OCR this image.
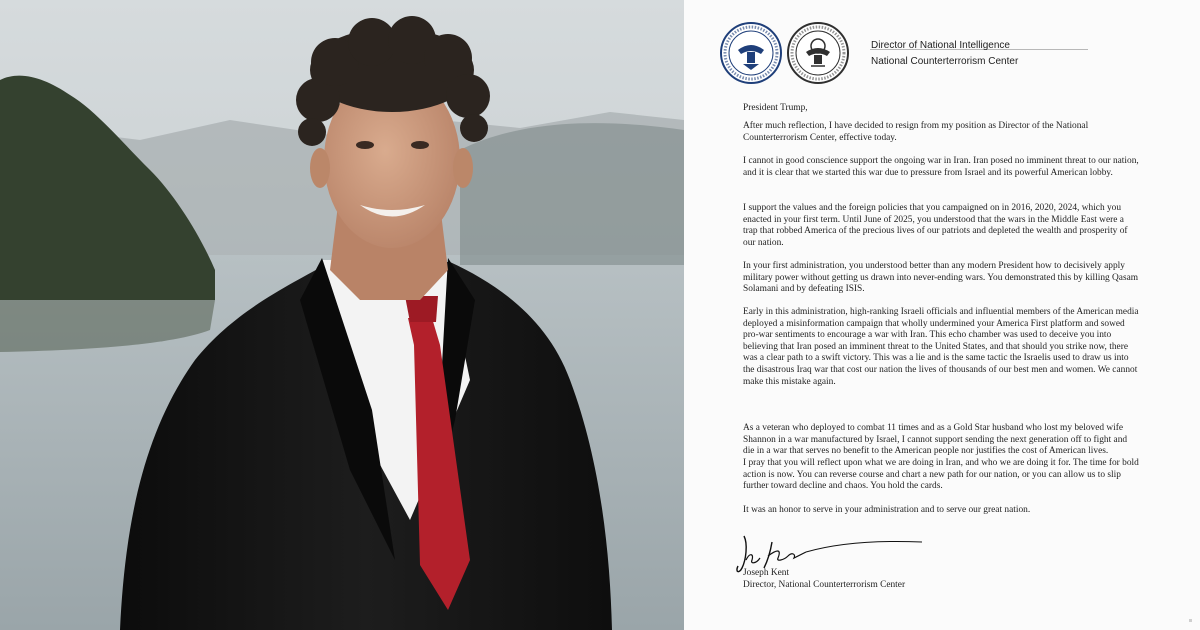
Director of National Intelligence
National Counterterrorism Center

President Trump,

After much reflection, I have decided to resign from my position as Director of the National Counterterrorism Center, effective today.

I cannot in good conscience support the ongoing war in Iran. Iran posed no imminent threat to our nation, and it is clear that we started this war due to pressure from Israel and its powerful American lobby.

I support the values and the foreign policies that you campaigned on in 2016, 2020, 2024, which you enacted in your first term. Until June of 2025, you understood that the wars in the Middle East were a trap that robbed America of the precious lives of our patriots and depleted the wealth and prosperity of our nation.

In your first administration, you understood better than any modern President how to decisively apply military power without getting us drawn into never-ending wars. You demonstrated this by killing Qasam Solamani and by defeating ISIS.

Early in this administration, high-ranking Israeli officials and influential members of the American media deployed a misinformation campaign that wholly undermined your America First platform and sowed pro-war sentiments to encourage a war with Iran. This echo chamber was used to deceive you into believing that Iran posed an imminent threat to the United States, and that should you strike now, there was a clear path to a swift victory. This was a lie and is the same tactic the Israelis used to draw us into the disastrous Iraq war that cost our nation the lives of thousands of our best men and women. We cannot make this mistake again.

As a veteran who deployed to combat 11 times and as a Gold Star husband who lost my beloved wife Shannon in a war manufactured by Israel, I cannot support sending the next generation off to fight and die in a war that serves no benefit to the American people nor justifies the cost of American lives.

I pray that you will reflect upon what we are doing in Iran, and who we are doing it for. The time for bold action is now. You can reverse course and chart a new path for our nation, or you can allow us to slip further toward decline and chaos. You hold the cards.

It was an honor to serve in your administration and to serve our great nation.

Joseph Kent
Director, National Counterterrorism Center
